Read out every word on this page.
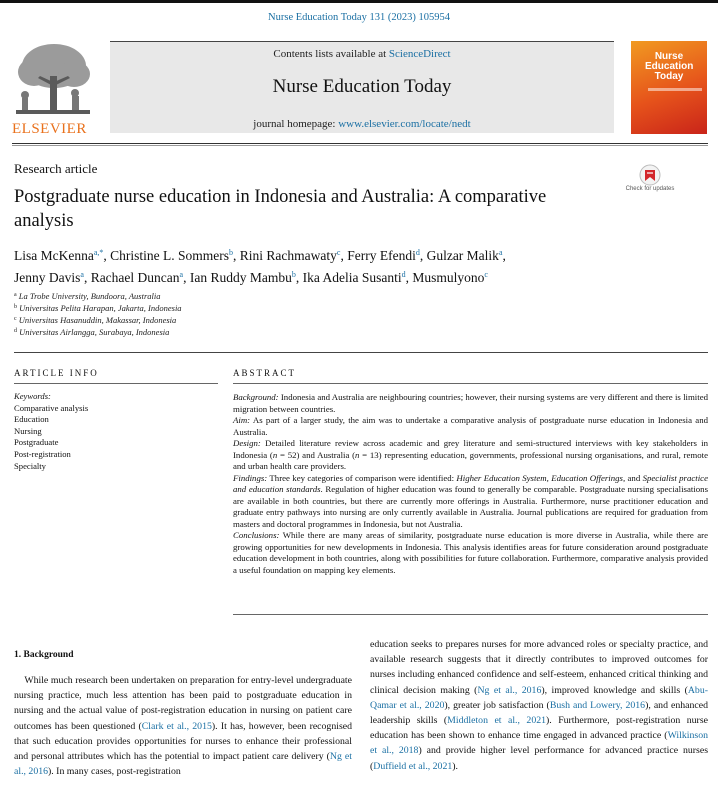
Nurse Education Today 131 (2023) 105954
ELSEVIER
Contents lists available at ScienceDirect
Nurse Education Today
journal homepage: www.elsevier.com/locate/nedt
Nurse Education Today
Research article
Postgraduate nurse education in Indonesia and Australia: A comparative analysis
Check for updates
Lisa McKenna$^{a,*}$, Christine L. Sommers$^b$, Rini Rachmawaty$^c$, Ferry Efendi$^d$, Gulzar Malik$^a$,
Jenny Davis$^a$, Rachael Duncan$^a$, Ian Ruddy Mambu$^b$, Ika Adelia Susanti$^d$, Musmulyono$^c$
$^a$ La Trobe University, Bundoora, Australia
$^b$ Universitas Pelita Harapan, Jakarta, Indonesia
$^c$ Universitas Hasanuddin, Makassar, Indonesia
$^d$ Universitas Airlangga, Surabaya, Indonesia
ARTICLE INFO
Keywords:
Comparative analysis
Education
Nursing
Postgraduate
Post-registration
Specialty
ABSTRACT

Background: Indonesia and Australia are neighbouring countries; however, their nursing systems are very different and there is limited migration between countries.

Aim: As part of a larger study, the aim was to undertake a comparative analysis of postgraduate nurse education in Indonesia and Australia.

Design: Detailed literature review across academic and grey literature and semi-structured interviews with key stakeholders in Indonesia (n = 52) and Australia (n = 13) representing education, governments, professional nursing organisations, and rural, remote and urban health care providers.

Findings: Three key categories of comparison were identified: Higher Education System, Education Offerings, and Specialist practice and education standards. Regulation of higher education was found to generally be comparable. Postgraduate nursing specialisations are available in both countries, but there are currently more offerings in Australia. Furthermore, nurse practitioner education and graduate entry pathways into nursing are only currently available in Australia. Journal publications are required for graduation from masters and doctoral programmes in Indonesia, but not Australia.

Conclusions: While there are many areas of similarity, postgraduate nurse education is more diverse in Australia, while there are growing opportunities for new developments in Indonesia. This analysis identifies areas for future consideration around postgraduate education development in both countries, along with possibilities for future collaboration. Furthermore, comparative analysis provided a useful foundation on mapping key elements.

1. Background

While much research been undertaken on preparation for entry-level undergraduate nursing practice, much less attention has been paid to postgraduate education in nursing and the actual value of post-registration education in nursing on patient care outcomes has been questioned (Clark et al., 2015). It has, however, been recognised that such education provides opportunities for nurses to enhance their professional and personal attributes which has the potential to impact patient care delivery (Ng et al., 2016). In many cases, post-registration

education seeks to prepares nurses for more advanced roles or specialty practice, and available research suggests that it directly contributes to improved outcomes for nurses including enhanced confidence and self-esteem, enhanced critical thinking and clinical decision making (Ng et al., 2016), improved knowledge and skills (Abu-Qamar et al., 2020), greater job satisfaction (Bush and Lowery, 2016), and enhanced leadership skills (Middleton et al., 2021). Furthermore, post-registration nurse education has been shown to enhance time engaged in advanced practice (Wilkinson et al., 2018) and provide higher level performance for advanced practice nurses (Duffield et al., 2021).
